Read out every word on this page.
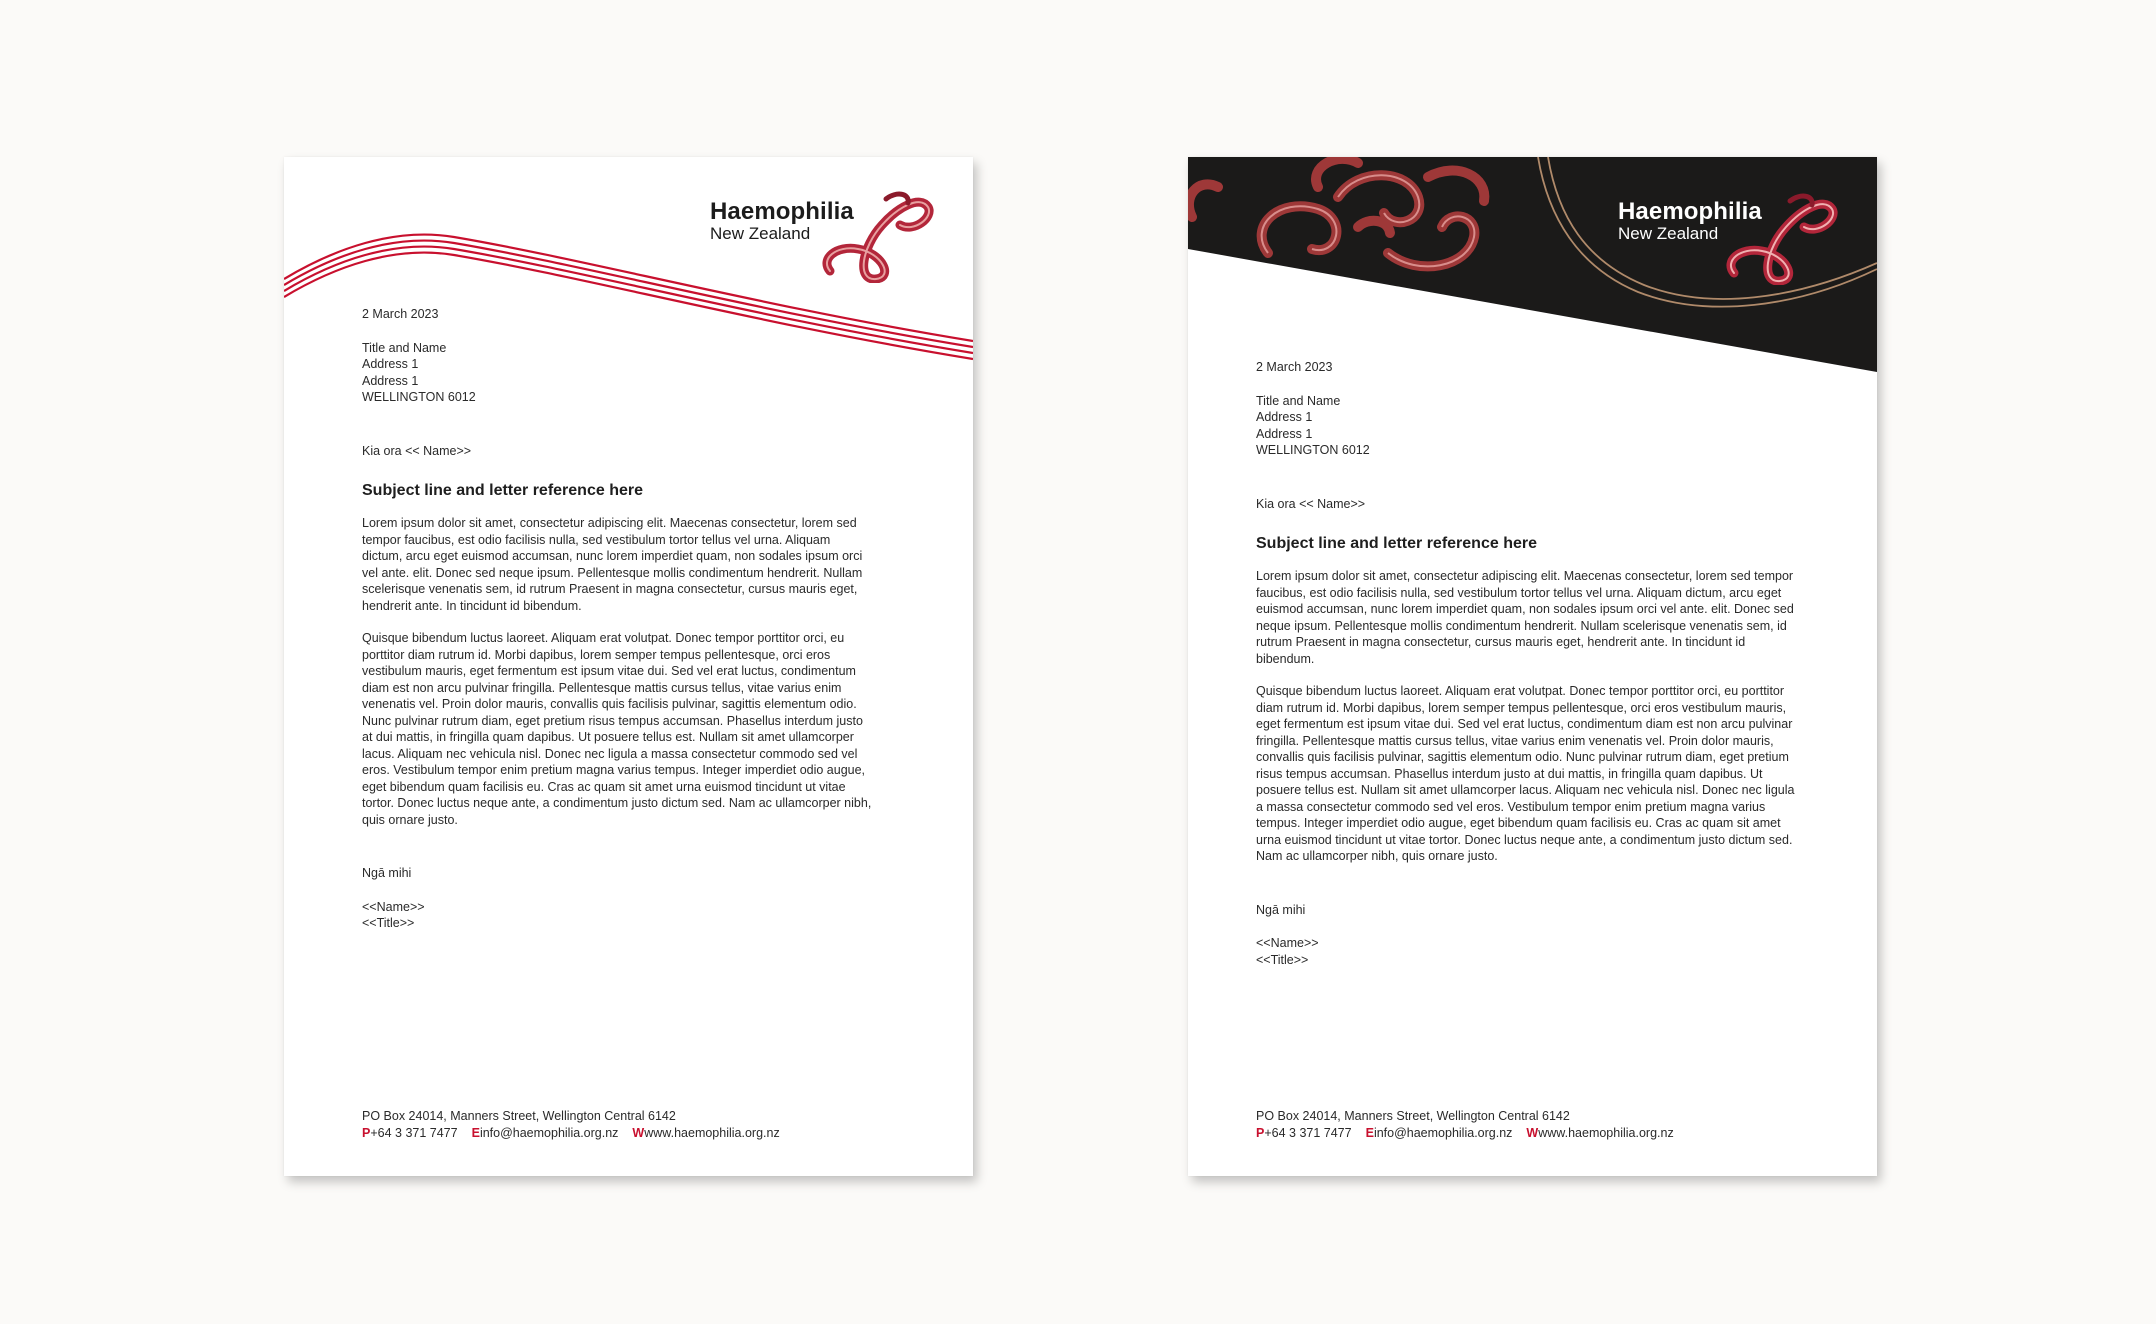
Haemophilia
New Zealand
2 March 2023
Title and Name
Address 1
Address 1
WELLINGTON 6012
Kia ora << Name>>
Subject line and letter reference here
Lorem ipsum dolor sit amet, consectetur adipiscing elit. Maecenas consectetur, lorem sed tempor faucibus, est odio facilisis nulla, sed vestibulum tortor tellus vel urna. Aliquam dictum, arcu eget euismod accumsan, nunc lorem imperdiet quam, non sodales ipsum orci vel ante. elit. Donec sed neque ipsum. Pellentesque mollis condimentum hendrerit. Nullam scelerisque venenatis sem, id rutrum Praesent in magna consectetur, cursus mauris eget, hendrerit ante. In tincidunt id bibendum.
Quisque bibendum luctus laoreet. Aliquam erat volutpat. Donec tempor porttitor orci, eu porttitor diam rutrum id. Morbi dapibus, lorem semper tempus pellentesque, orci eros vestibulum mauris, eget fermentum est ipsum vitae dui. Sed vel erat luctus, condimentum diam est non arcu pulvinar fringilla. Pellentesque mattis cursus tellus, vitae varius enim venenatis vel. Proin dolor mauris, convallis quis facilisis pulvinar, sagittis elementum odio. Nunc pulvinar rutrum diam, eget pretium risus tempus accumsan. Phasellus interdum justo at dui mattis, in fringilla quam dapibus. Ut posuere tellus est. Nullam sit amet ullamcorper lacus. Aliquam nec vehicula nisl. Donec nec ligula a massa consectetur commodo sed vel eros. Vestibulum tempor enim pretium magna varius tempus. Integer imperdiet odio augue, eget bibendum quam facilisis eu. Cras ac quam sit amet urna euismod tincidunt ut vitae tortor. Donec luctus neque ante, a condimentum justo dictum sed. Nam ac ullamcorper nibh, quis ornare justo.
Ngā mihi
<<Name>>
<<Title>>
PO Box 24014, Manners Street, Wellington Central 6142
P+64 3 371 7477 Einfo@haemophilia.org.nz Wwww.haemophilia.org.nz
Haemophilia
New Zealand
2 March 2023
Title and Name
Address 1
Address 1
WELLINGTON 6012
Kia ora << Name>>
Subject line and letter reference here
Lorem ipsum dolor sit amet, consectetur adipiscing elit. Maecenas consectetur, lorem sed tempor faucibus, est odio facilisis nulla, sed vestibulum tortor tellus vel urna. Aliquam dictum, arcu eget euismod accumsan, nunc lorem imperdiet quam, non sodales ipsum orci vel ante. elit. Donec sed neque ipsum. Pellentesque mollis condimentum hendrerit. Nullam scelerisque venenatis sem, id rutrum Praesent in magna consectetur, cursus mauris eget, hendrerit ante. In tincidunt id bibendum.
Quisque bibendum luctus laoreet. Aliquam erat volutpat. Donec tempor porttitor orci, eu porttitor diam rutrum id. Morbi dapibus, lorem semper tempus pellentesque, orci eros vestibulum mauris, eget fermentum est ipsum vitae dui. Sed vel erat luctus, condimentum diam est non arcu pulvinar fringilla. Pellentesque mattis cursus tellus, vitae varius enim venenatis vel. Proin dolor mauris, convallis quis facilisis pulvinar, sagittis elementum odio. Nunc pulvinar rutrum diam, eget pretium risus tempus accumsan. Phasellus interdum justo at dui mattis, in fringilla quam dapibus. Ut posuere tellus est. Nullam sit amet ullamcorper lacus. Aliquam nec vehicula nisl. Donec nec ligula a massa consectetur commodo sed vel eros. Vestibulum tempor enim pretium magna varius tempus. Integer imperdiet odio augue, eget bibendum quam facilisis eu. Cras ac quam sit amet urna euismod tincidunt ut vitae tortor. Donec luctus neque ante, a condimentum justo dictum sed. Nam ac ullamcorper nibh, quis ornare justo.
Ngā mihi
<<Name>>
<<Title>>
PO Box 24014, Manners Street, Wellington Central 6142
P+64 3 371 7477 Einfo@haemophilia.org.nz Wwww.haemophilia.org.nz
